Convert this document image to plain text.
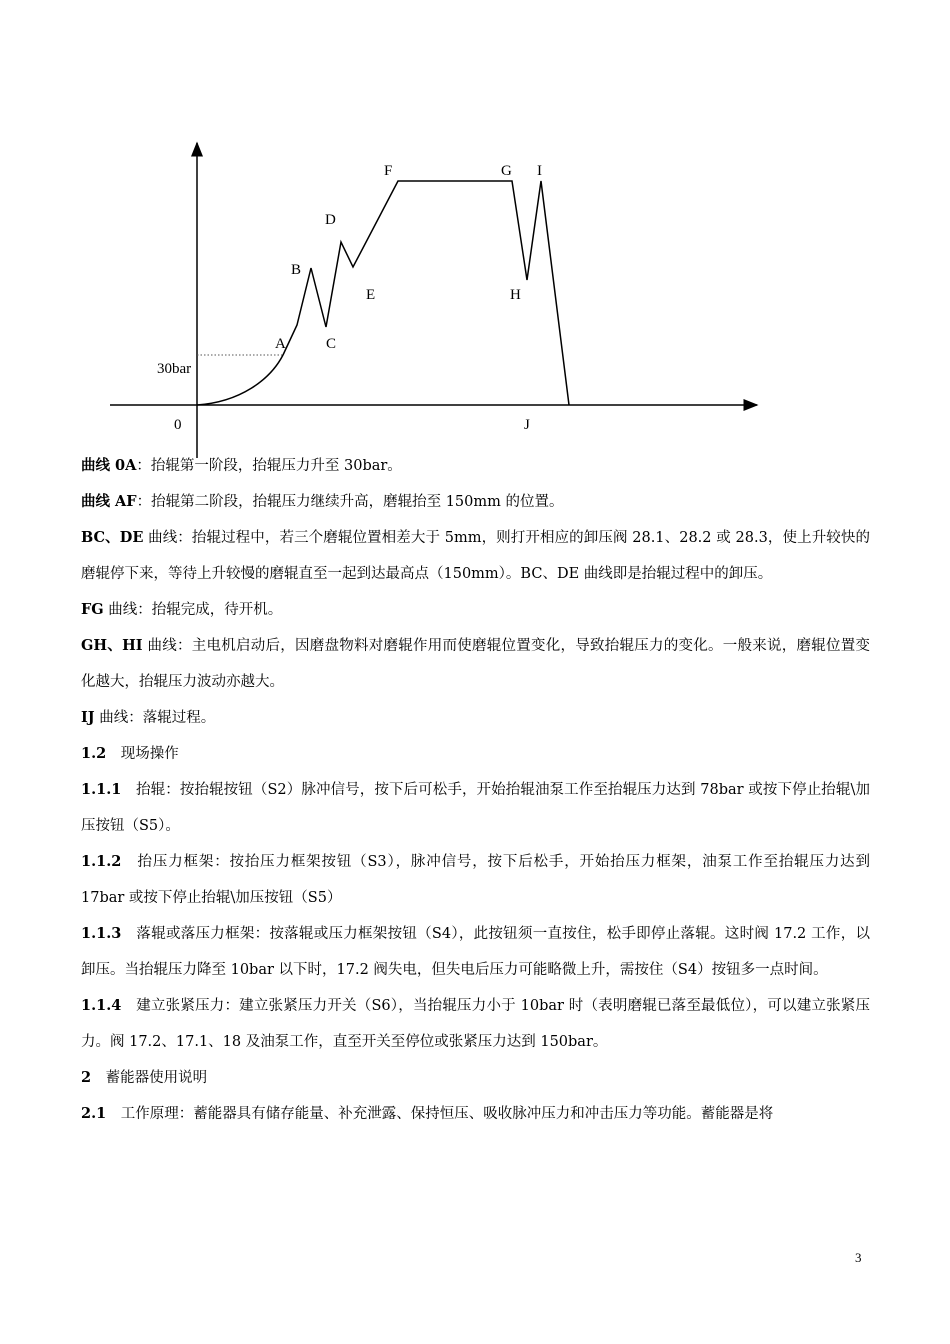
F	G I
D
B
E	H
A	C
30bar
0	J

曲线 0A：抬辊第一阶段，抬辊压力升至 30bar。

曲线 AF：抬辊第二阶段，抬辊压力继续升高，磨辊抬至 150mm 的位置。

BC、DE 曲线：抬辊过程中，若三个磨辊位置相差大于 5mm，则打开相应的卸压阀 28.1、28.2 或 28.3，使上升较快的磨辊停下来，等待上升较慢的磨辊直至一起到达最高点（150mm）。BC、DE 曲线即是抬辊过程中的卸压。

FG 曲线：抬辊完成，待开机。

GH、HI 曲线：主电机启动后，因磨盘物料对磨辊作用而使磨辊位置变化，导致抬辊压力的变化。一般来说，磨辊位置变化越大，抬辊压力波动亦越大。

IJ 曲线：落辊过程。

1.2　现场操作

1.1.1　抬辊：按抬辊按钮（S2）脉冲信号，按下后可松手，开始抬辊油泵工作至抬辊压力达到 78bar 或按下停止抬辊\加压按钮（S5）。

1.1.2　抬压力框架：按抬压力框架按钮（S3），脉冲信号，按下后松手，开始抬压力框架，油泵工作至抬辊压力达到 17bar 或按下停止抬辊\加压按钮（S5）

1.1.3　落辊或落压力框架：按落辊或压力框架按钮（S4），此按钮须一直按住，松手即停止落辊。这时阀 17.2 工作，以卸压。当抬辊压力降至 10bar 以下时，17.2 阀失电，但失电后压力可能略微上升，需按住（S4）按钮多一点时间。

1.1.4　建立张紧压力：建立张紧压力开关（S6），当抬辊压力小于 10bar 时（表明磨辊已落至最低位），可以建立张紧压力。阀 17.2、17.1、18 及油泵工作，直至开关至停位或张紧压力达到 150bar。

2　蓄能器使用说明

2.1　工作原理：蓄能器具有储存能量、补充泄露、保持恒压、吸收脉冲压力和冲击压力等功能。蓄能器是将

3
